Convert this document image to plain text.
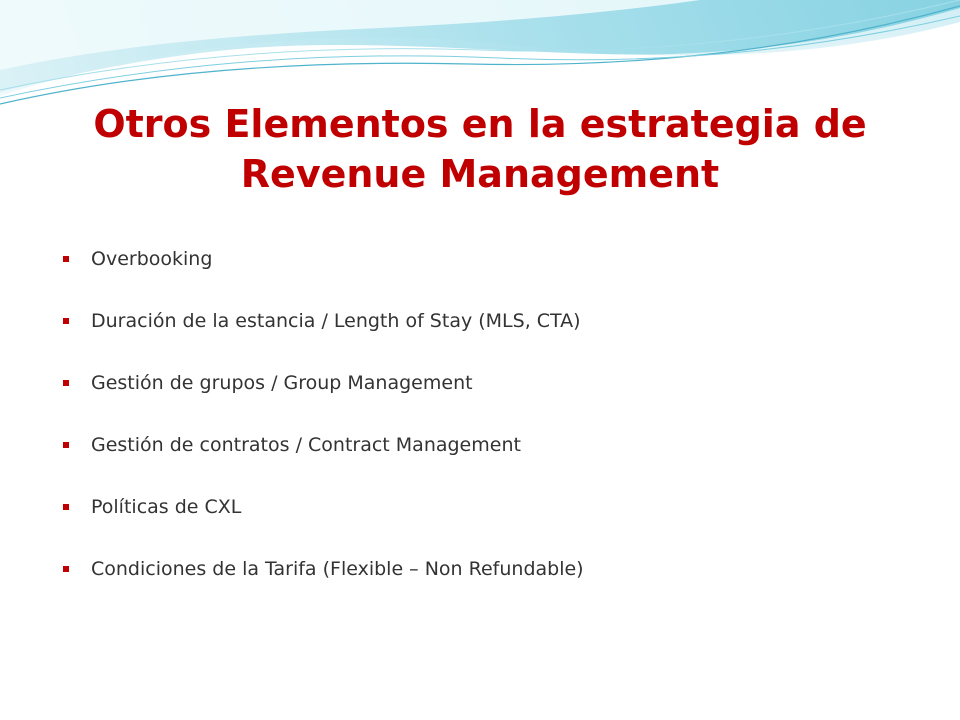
Otros Elementos en la estrategia de
Revenue Management
Overbooking
Duración de la estancia / Length of Stay (MLS, CTA)
Gestión de grupos / Group Management
Gestión de contratos / Contract Management
Políticas de CXL
Condiciones de la Tarifa (Flexible – Non Refundable)
